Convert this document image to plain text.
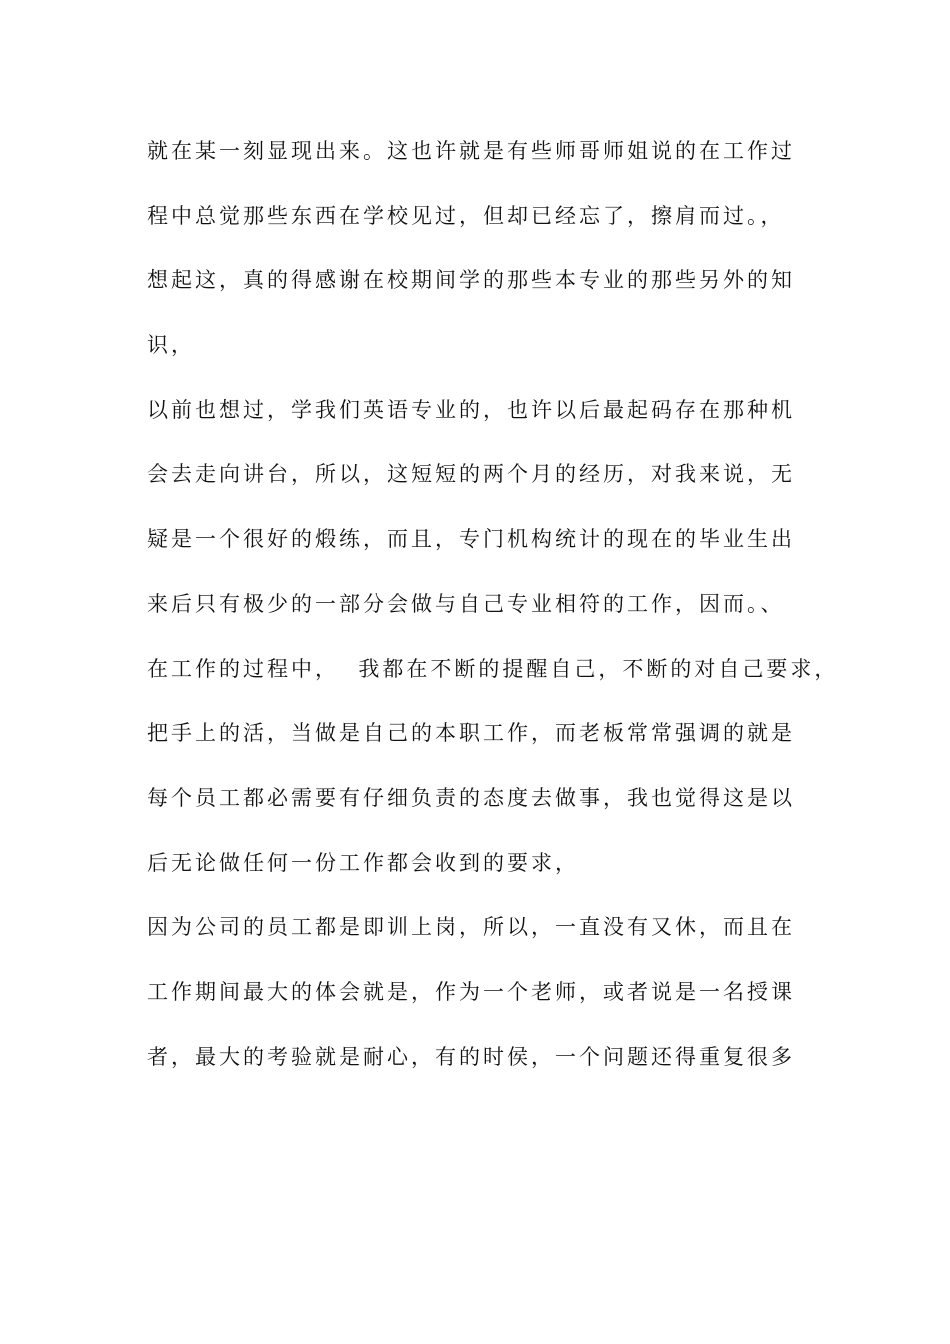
就在某一刻显现出来。这也许就是有些师哥师姐说的在工作过
程中总觉那些东西在学校见过，但却已经忘了，擦肩而过。，
想起这，真的得感谢在校期间学的那些本专业的那些另外的知
识，
以前也想过，学我们英语专业的，也许以后最起码存在那种机
会去走向讲台，所以，这短短的两个月的经历，对我来说，无
疑是一个很好的煅练，而且，专门机构统计的现在的毕业生出
来后只有极少的一部分会做与自己专业相符的工作，因而。、
在工作的过程中，  我都在不断的提醒自己，不断的对自己要求，
把手上的活，当做是自己的本职工作，而老板常常强调的就是
每个员工都必需要有仔细负责的态度去做事，我也觉得这是以
后无论做任何一份工作都会收到的要求，
因为公司的员工都是即训上岗，所以，一直没有又休，而且在
工作期间最大的体会就是，作为一个老师，或者说是一名授课
者，最大的考验就是耐心，有的时侯，一个问题还得重复很多
